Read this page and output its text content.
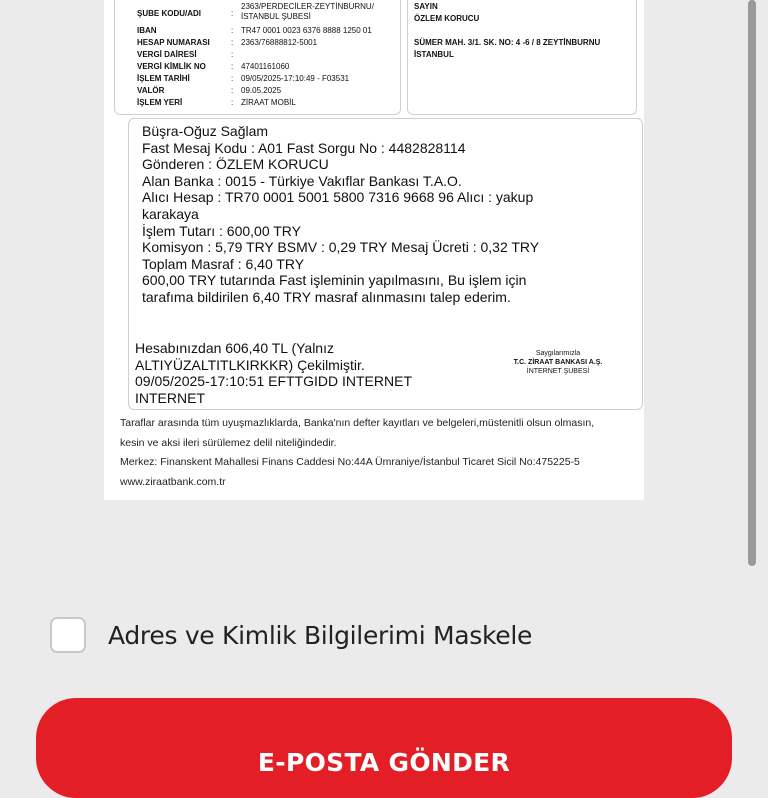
ŞUBE KODU/ADI	:
2363/PERDECİLER-ZEYTİNBURNU/
İSTANBUL ŞUBESİ
IBAN	: TR47 0001 0023 6376 8888 1250 01
HESAP NUMARASI	: 2363/76888812-5001
VERGİ DAİRESİ	:
VERGİ KİMLİK NO	: 47401161060
İŞLEM TARİHİ	: 09/05/2025-17:10:49 - F03531
VALÖR	: 09.05.2025
İŞLEM YERİ	: ZİRAAT MOBİL
SAYIN
ÖZLEM KORUCU
SÜMER MAH. 3/1. SK. NO: 4 -6 / 8 ZEYTİNBURNU
İSTANBUL
Büşra-Oğuz Sağlam
Fast Mesaj Kodu : A01 Fast Sorgu No : 4482828114
Gönderen : ÖZLEM KORUCU
Alan Banka : 0015 - Türkiye Vakıflar Bankası T.A.O.
Alıcı Hesap : TR70 0001 5001 5800 7316 9668 96 Alıcı : yakup
karakaya
İşlem Tutarı : 600,00 TRY
Komisyon : 5,79 TRY BSMV : 0,29 TRY Mesaj Ücreti : 0,32 TRY
Toplam Masraf : 6,40 TRY
600,00 TRY tutarında Fast işleminin yapılmasını, Bu işlem için
tarafıma bildirilen 6,40 TRY masraf alınmasını talep ederim.
Hesabınızdan 606,40 TL (Yalnız
ALTIYÜZALTITLKIRKKR) Çekilmiştir.
09/05/2025-17:10:51 EFTTGIDD INTERNET
INTERNET
Saygılarımızla
T.C. ZİRAAT BANKASI A.Ş.
İNTERNET ŞUBESİ
Taraflar arasında tüm uyuşmazlıklarda, Banka'nın defter kayıtları ve belgeleri,müstenitli olsun olmasın,
kesin ve aksi ileri sürülemez delil niteliğindedir.
Merkez: Finanskent Mahallesi Finans Caddesi No:44A Ümraniye/İstanbul Ticaret Sicil No:475225-5
www.ziraatbank.com.tr
Adres ve Kimlik Bilgilerimi Maskele
E-POSTA GÖNDER
